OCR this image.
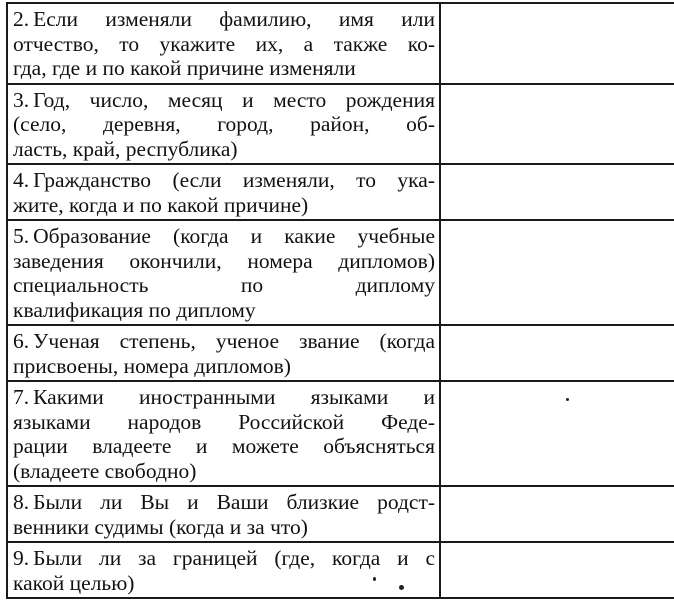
2. Если изменяли фамилию, имя или
отчество, то укажите их, а также ко-
гда, где и по какой причине изменяли	

3. Год, число, месяц и место рождения
(село, деревня, город, район, об-
ласть, край, республика)	

4. Гражданство (если изменяли, то ука-
жите, когда и по какой причине)	

5. Образование (когда и какие учебные
заведения окончили, номера дипломов)
специальность по диплому
квалификация по диплому	

6. Ученая степень, ученое звание (когда
присвоены, номера дипломов)	

7. Какими иностранными языками и
языками народов Российской Феде-
рации владеете и можете объясняться
(владеете свободно)	

8. Были ли Вы и Ваши близкие родст-
венники судимы (когда и за что)	

9. Были ли за границей (где, когда и с
какой целью)	
